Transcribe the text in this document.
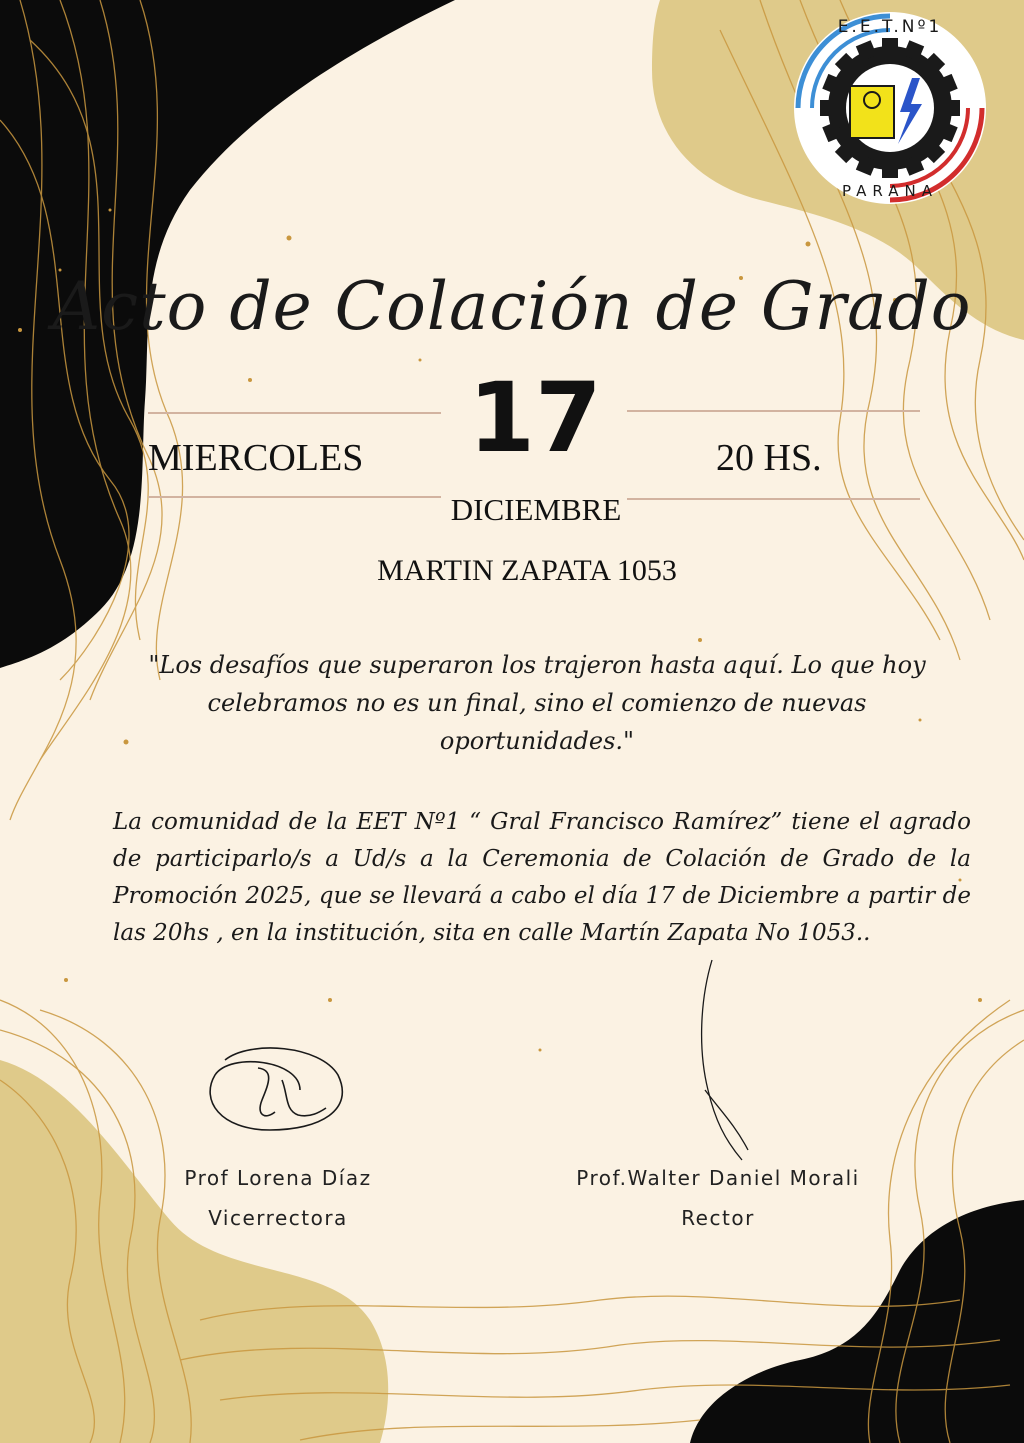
E.E.T.Nº1
PARANA
Acto de Colación de Grado
MIERCOLES 17	20 HS.
DICIEMBRE
MARTIN ZAPATA 1053
"Los desafíos que superaron los trajeron hasta aquí. Lo que hoy celebramos no es un final, sino el comienzo de nuevas oportunidades."
La comunidad de la EET Nº1 “ Gral Francisco Ramírez” tiene el agrado de participarlo/s a Ud/s a la Ceremonia de Colación de Grado de la Promoción 2025, que se llevará a cabo el día 17 de Diciembre a partir de las 20hs , en la institución, sita en calle Martín Zapata No 1053..
Prof Lorena Díaz
Vicerrectora
Prof.Walter Daniel Morali
Rector
